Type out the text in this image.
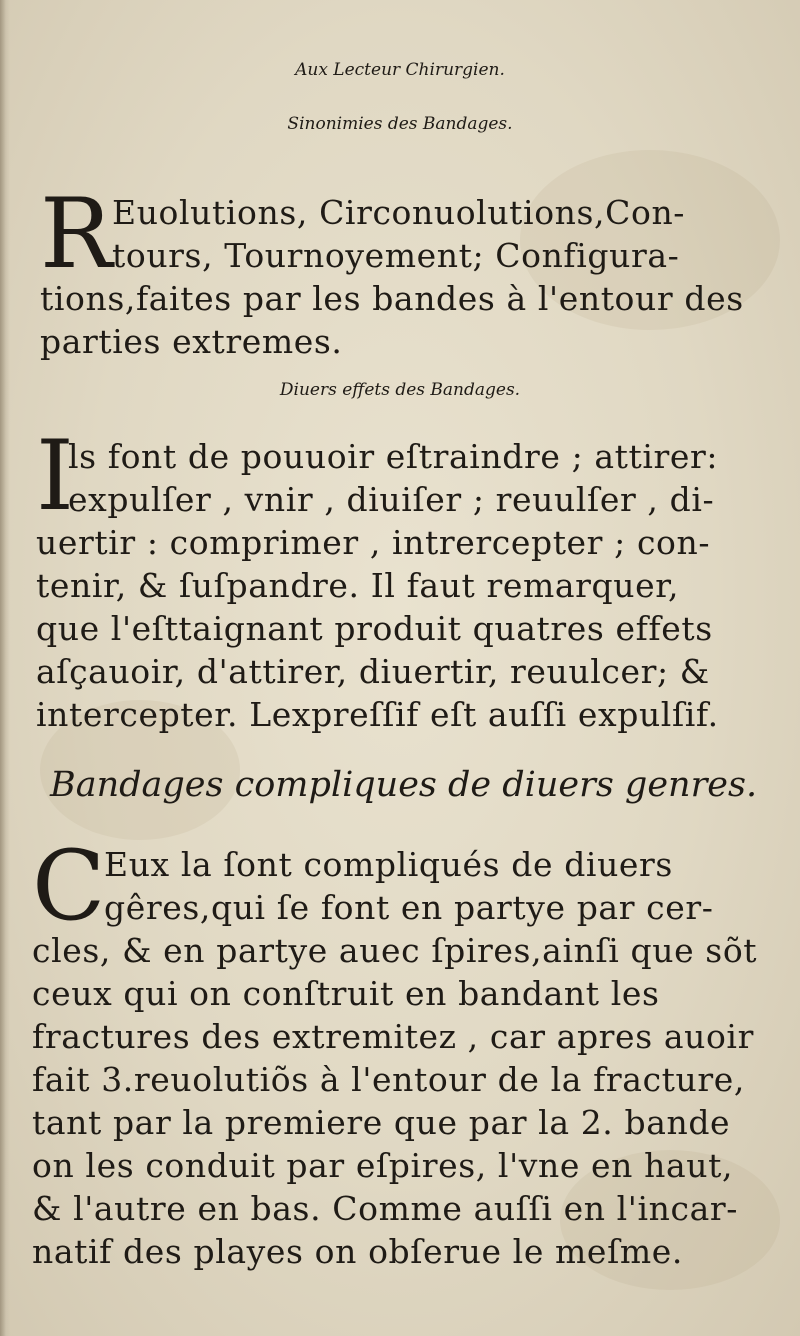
Aux Lecteur Chirurgien.
Sinonimies des Bandages.
R Euolutions, Circonuolutions,Con-
tours, Tournoyement; Configura-
tions,faites par les bandes à l'entour des
parties extremes.
Diuers effets des Bandages.
I
ls font de pouuoir eſtraindre ; attirer:
expulſer , vnir , diuiſer ; reuulſer , di-
uertir : comprimer , intrercepter ; con-
tenir, & ſuſpandre. Il faut remarquer,
que l'eſttaignant produit quatres effets
aſçauoir, d'attirer, diuertir, reuulcer; &
intercepter. Lexpreſſif eſt auſſi expulſif.
Bandages compliques de diuers genres.
C
Eux la ſont compliqués de diuers
gêres,qui ſe font en partye par cer-
cles, & en partye auec ſpires,ainſi que sõt
ceux qui on conſtruit en bandant les
fractures des extremitez , car apres auoir
fait 3.reuolutiõs à l'entour de la fracture,
tant par la premiere que par la 2. bande
on les conduit par eſpires, l'vne en haut,
& l'autre en bas. Comme auſſi en l'incar-
natif des playes on obſerue le meſme.
